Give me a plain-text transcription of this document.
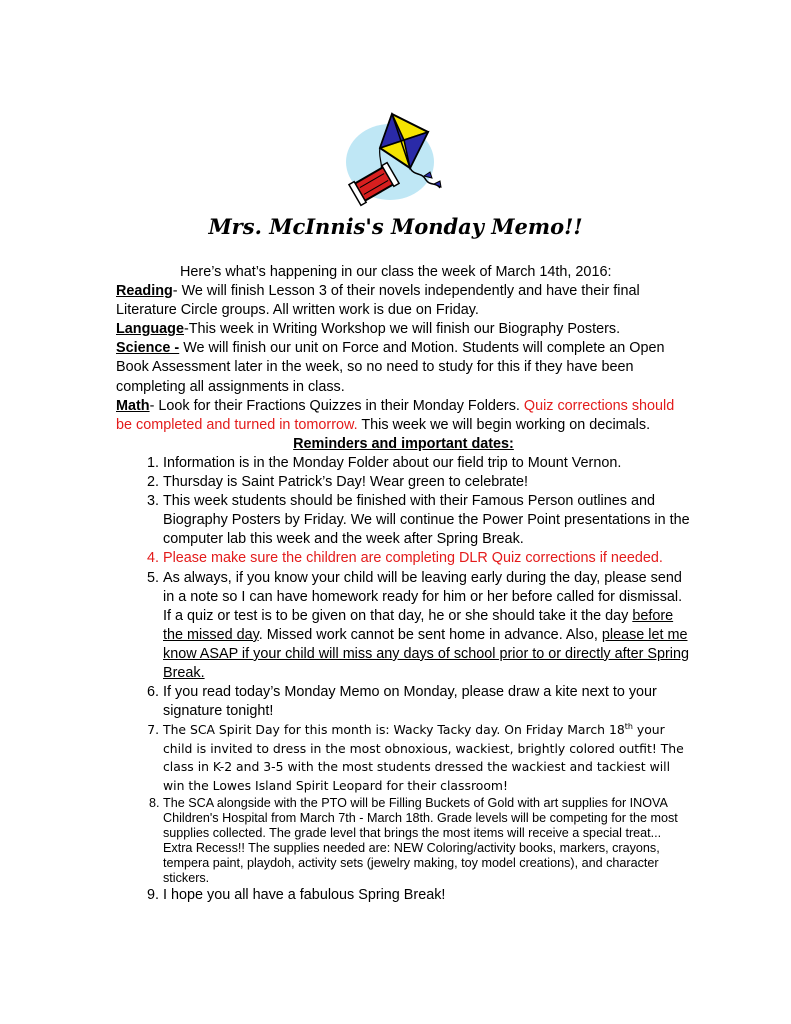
Mrs. McInnis's Monday Memo!!

Here’s what’s happening in our class the week of March 14th, 2016:

Reading- We will finish Lesson 3 of their novels independently and have their final Literature Circle groups. All written work is due on Friday.

Language-This week in Writing Workshop we will finish our Biography Posters.

Science - We will finish our unit on Force and Motion. Students will complete an Open Book Assessment later in the week, so no need to study for this if they have been completing all assignments in class.

Math- Look for their Fractions Quizzes in their Monday Folders. Quiz corrections should be completed and turned in tomorrow. This week we will begin working on decimals.

Reminders and important dates:

1. Information is in the Monday Folder about our field trip to Mount Vernon.
2. Thursday is Saint Patrick’s Day! Wear green to celebrate!
3. This week students should be finished with their Famous Person outlines and Biography Posters by Friday. We will continue the Power Point presentations in the computer lab this week and the week after Spring Break.
4. Please make sure the children are completing DLR Quiz corrections if needed.
5. As always, if you know your child will be leaving early during the day, please send in a note so I can have homework ready for him or her before called for dismissal. If a quiz or test is to be given on that day, he or she should take it the day before the missed day. Missed work cannot be sent home in advance. Also, please let me know ASAP if your child will miss any days of school prior to or directly after Spring Break.
6. If you read today’s Monday Memo on Monday, please draw a kite next to your signature tonight!
7. The SCA Spirit Day for this month is: Wacky Tacky day. On Friday March 18th your child is invited to dress in the most obnoxious, wackiest, brightly colored outfit! The class in K-2 and 3-5 with the most students dressed the wackiest and tackiest will win the Lowes Island Spirit Leopard for their classroom!
8. The SCA alongside with the PTO will be Filling Buckets of Gold with art supplies for INOVA Children's Hospital from March 7th - March 18th. Grade levels will be competing for the most supplies collected. The grade level that brings the most items will receive a special treat... Extra Recess!! The supplies needed are: NEW Coloring/activity books, markers, crayons, tempera paint, playdoh, activity sets (jewelry making, toy model creations), and character stickers.
9. I hope you all have a fabulous Spring Break!
